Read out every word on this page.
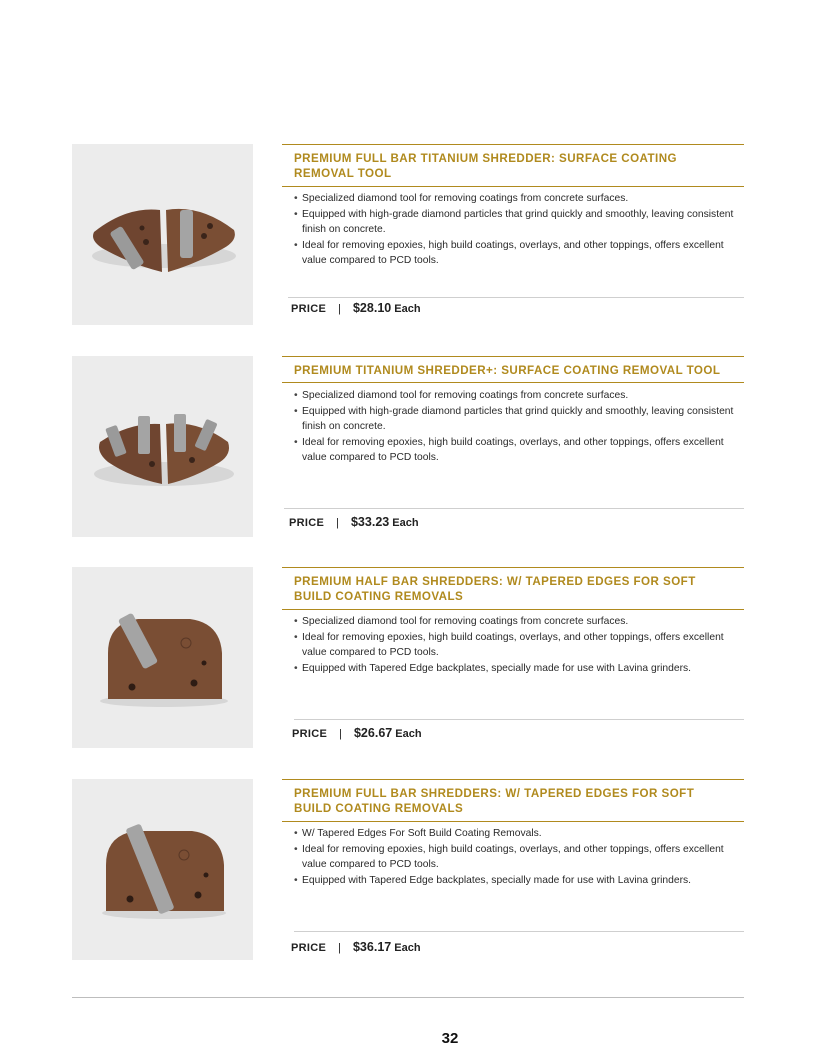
PREMIUM FULL BAR TITANIUM SHREDDER: SURFACE COATING REMOVAL TOOL
• Specialized diamond tool for removing coatings from concrete surfaces.
• Equipped with high-grade diamond particles that grind quickly and smoothly, leaving consistent finish on concrete.
• Ideal for removing epoxies, high build coatings, overlays, and other toppings, offers excellent value compared to PCD tools.
PRICE | $28.10 Each
PREMIUM TITANIUM SHREDDER+: SURFACE COATING REMOVAL TOOL
• Specialized diamond tool for removing coatings from concrete surfaces.
• Equipped with high-grade diamond particles that grind quickly and smoothly, leaving consistent finish on concrete.
• Ideal for removing epoxies, high build coatings, overlays, and other toppings, offers excellent value compared to PCD tools.
PRICE | $33.23 Each
PREMIUM HALF BAR SHREDDERS: W/ TAPERED EDGES FOR SOFT BUILD COATING REMOVALS
• Specialized diamond tool for removing coatings from concrete surfaces.
• Ideal for removing epoxies, high build coatings, overlays, and other toppings, offers excellent value compared to PCD tools.
• Equipped with Tapered Edge backplates, specially made for use with Lavina grinders.
PRICE | $26.67 Each
PREMIUM FULL BAR SHREDDERS: W/ TAPERED EDGES FOR SOFT BUILD COATING REMOVALS
• W/ Tapered Edges For Soft Build Coating Removals.
• Ideal for removing epoxies, high build coatings, overlays, and other toppings, offers excellent value compared to PCD tools.
• Equipped with Tapered Edge backplates, specially made for use with Lavina grinders.
PRICE | $36.17 Each
32
